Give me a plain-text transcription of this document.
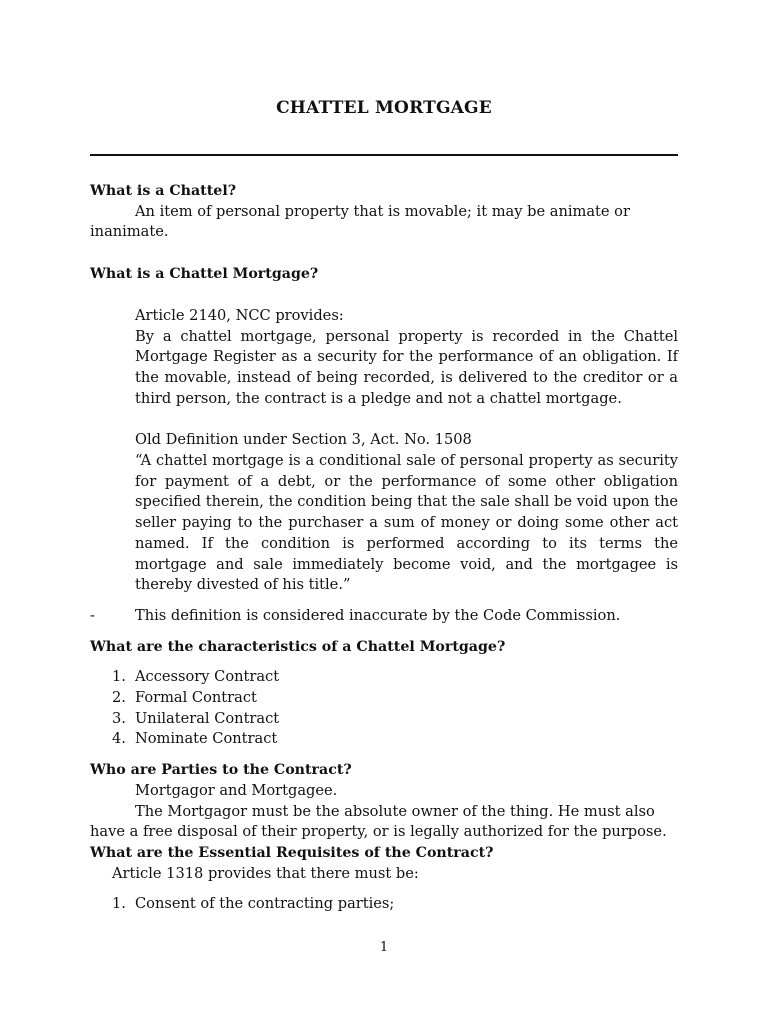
CHATTEL MORTGAGE
What is a Chattel?

An item of personal property that is movable; it may be animate or inanimate.

What is a Chattel Mortgage?
Article 2140, NCC provides:

By a chattel mortgage, personal property is recorded in the Chattel Mortgage Register as a security for the performance of an obligation. If the movable, instead of being recorded, is delivered to the creditor or a third person, the contract is a pledge and not a chattel mortgage.

Old Definition under Section 3, Act. No. 1508

“A chattel mortgage is a conditional sale of personal property as security for payment of a debt, or the performance of some other obligation specified therein, the condition being that the sale shall be void upon the seller paying to the purchaser a sum of money or doing some other act named. If the condition is performed according to its terms the mortgage and sale immediately become void, and the mortgagee is thereby divested of his title.”

-	This definition is considered inaccurate by the Code Commission.
What are the characteristics of a Chattel Mortgage?
1. Accessory Contract
2. Formal Contract
3. Unilateral Contract
4. Nominate Contract
Who are Parties to the Contract?
Mortgagor and Mortgagee.

The Mortgagor must be the absolute owner of the thing. He must also have a free disposal of their property, or is legally authorized for the purpose.

What are the Essential Requisites of the Contract?
Article 1318 provides that there must be:
1. Consent of the contracting parties;
1
